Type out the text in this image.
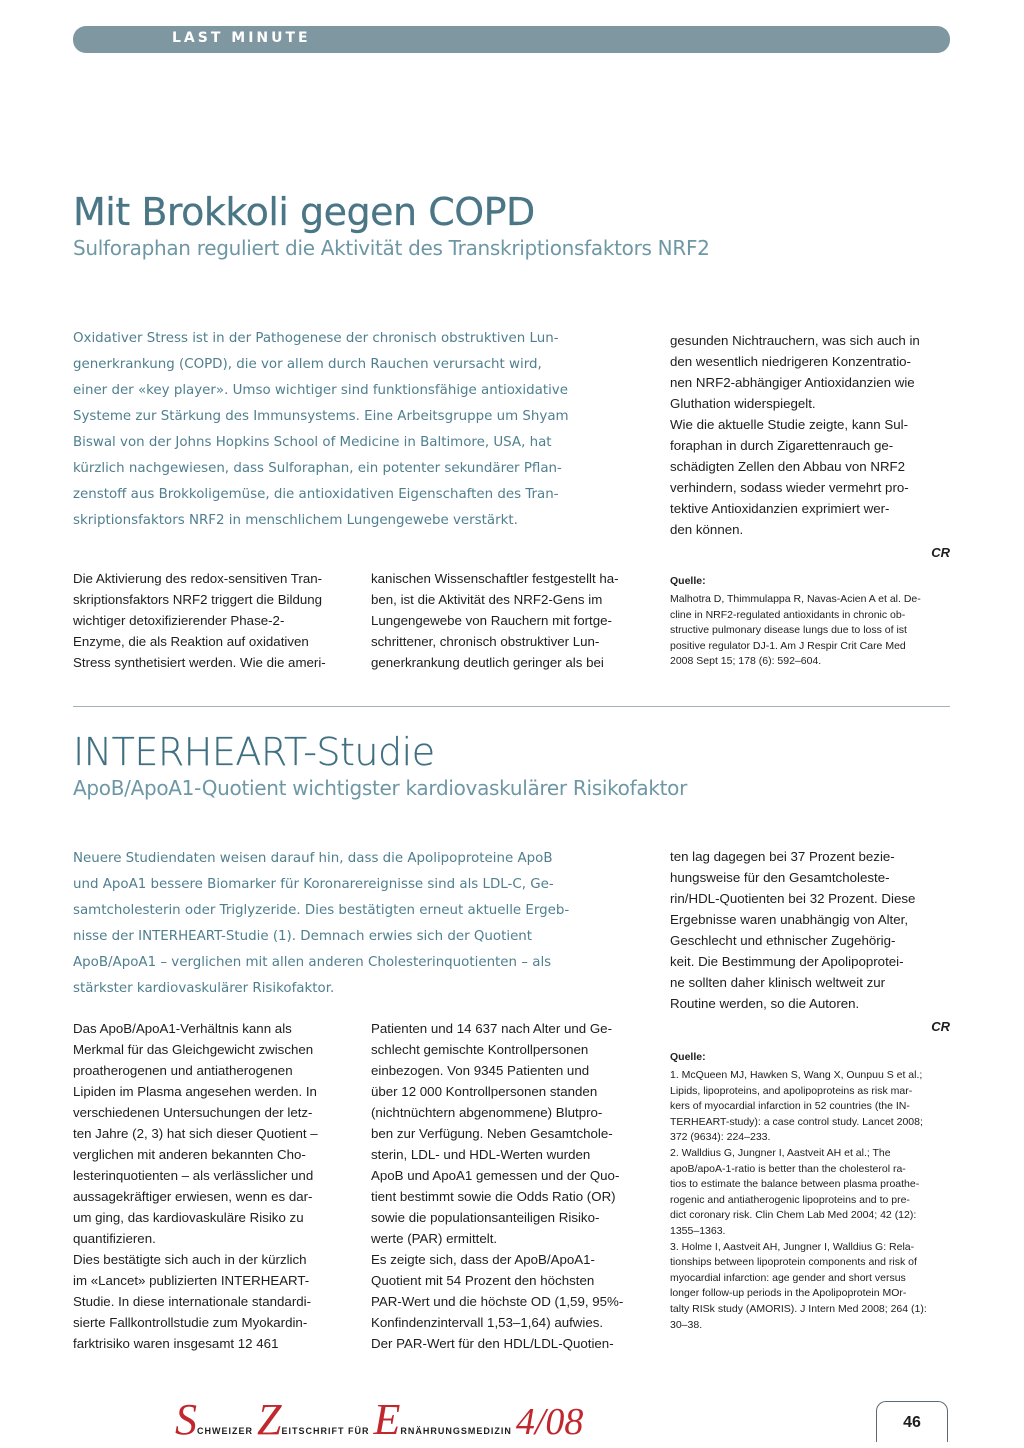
LAST MINUTE
Mit Brokkoli gegen COPD
Sulforaphan reguliert die Aktivität des Transkriptionsfaktors NRF2
Oxidativer Stress ist in der Pathogenese der chronisch obstruktiven Lun-
generkrankung (COPD), die vor allem durch Rauchen verursacht wird,
einer der «key player». Umso wichtiger sind funktionsfähige antioxidative
Systeme zur Stärkung des Immunsystems. Eine Arbeitsgruppe um Shyam
Biswal von der Johns Hopkins School of Medicine in Baltimore, USA, hat
kürzlich nachgewiesen, dass Sulforaphan, ein potenter sekundärer Pflan-
zenstoff aus Brokkoligemüse, die antioxidativen Eigenschaften des Tran-
skriptionsfaktors NRF2 in menschlichem Lungengewebe verstärkt.

Die Aktivierung des redox-sensitiven Tran-

skriptionsfaktors NRF2 triggert die Bildung

wichtiger detoxifizierender Phase-2-

Enzyme, die als Reaktion auf oxidativen

Stress synthetisiert werden. Wie die ameri-

kanischen Wissenschaftler festgestellt ha-

ben, ist die Aktivität des NRF2-Gens im

Lungengewebe von Rauchern mit fortge-

schrittener, chronisch obstruktiver Lun-

generkrankung deutlich geringer als bei

gesunden Nichtrauchern, was sich auch in

den wesentlich niedrigeren Konzentratio-

nen NRF2-abhängiger Antioxidanzien wie

Gluthation widerspiegelt.

Wie die aktuelle Studie zeigte, kann Sul-

foraphan in durch Zigarettenrauch ge-

schädigten Zellen den Abbau von NRF2

verhindern, sodass wieder vermehrt pro-

tektive Antioxidanzien exprimiert wer-

den können.

CR
Quelle:
Malhotra D, Thimmulappa R, Navas-Acien A et al. De-
cline in NRF2-regulated antioxidants in chronic ob-
structive pulmonary disease lungs due to loss of ist
positive regulator DJ-1. Am J Respir Crit Care Med
2008 Sept 15; 178 (6): 592–604.
INTERHEART-Studie
ApoB/ApoA1-Quotient wichtigster kardiovaskulärer Risikofaktor
Neuere Studiendaten weisen darauf hin, dass die Apolipoproteine ApoB
und ApoA1 bessere Biomarker für Koronarereignisse sind als LDL-C, Ge-
samtcholesterin oder Triglyzeride. Dies bestätigten erneut aktuelle Ergeb-
nisse der INTERHEART-Studie (1). Demnach erwies sich der Quotient
ApoB/ApoA1 – verglichen mit allen anderen Cholesterinquotienten – als
stärkster kardiovaskulärer Risikofaktor.

Das ApoB/ApoA1-Verhältnis kann als

Merkmal für das Gleichgewicht zwischen

proatherogenen und antiatherogenen

Lipiden im Plasma angesehen werden. In

verschiedenen Untersuchungen der letz-

ten Jahre (2, 3) hat sich dieser Quotient –

verglichen mit anderen bekannten Cho-

lesterinquotienten – als verlässlicher und

aussagekräftiger erwiesen, wenn es dar-

um ging, das kardiovaskuläre Risiko zu

quantifizieren.

Dies bestätigte sich auch in der kürzlich

im «Lancet» publizierten INTERHEART-

Studie. In diese internationale standardi-

sierte Fallkontrollstudie zum Myokardin-

farktrisiko waren insgesamt 12 461

Patienten und 14 637 nach Alter und Ge-

schlecht gemischte Kontrollpersonen

einbezogen. Von 9345 Patienten und

über 12 000 Kontrollpersonen standen

(nichtnüchtern abgenommene) Blutpro-

ben zur Verfügung. Neben Gesamtchole-

sterin, LDL- und HDL-Werten wurden

ApoB und ApoA1 gemessen und der Quo-

tient bestimmt sowie die Odds Ratio (OR)

sowie die populationsanteiligen Risiko-

werte (PAR) ermittelt.

Es zeigte sich, dass der ApoB/ApoA1-

Quotient mit 54 Prozent den höchsten

PAR-Wert und die höchste OD (1,59, 95%-

Konfindenzintervall 1,53–1,64) aufwies.

Der PAR-Wert für den HDL/LDL-Quotien-

ten lag dagegen bei 37 Prozent bezie-

hungsweise für den Gesamtcholeste-

rin/HDL-Quotienten bei 32 Prozent. Diese

Ergebnisse waren unabhängig von Alter,

Geschlecht und ethnischer Zugehörig-

keit. Die Bestimmung der Apolipoprotei-

ne sollten daher klinisch weltweit zur

Routine werden, so die Autoren.

CR
Quelle:
1. McQueen MJ, Hawken S, Wang X, Ounpuu S et al.;
Lipids, lipoproteins, and apolipoproteins as risk mar-
kers of myocardial infarction in 52 countries (the IN-
TERHEART-study): a case control study. Lancet 2008;
372 (9634): 224–233.
2. Walldius G, Jungner I, Aastveit AH et al.; The
apoB/apoA-1-ratio is better than the cholesterol ra-
tios to estimate the balance between plasma proathe-
rogenic and antiatherogenic lipoproteins and to pre-
dict coronary risk. Clin Chem Lab Med 2004; 42 (12):
1355–1363.
3. Holme I, Aastveit AH, Jungner I, Walldius G: Rela-
tionships between lipoprotein components and risk of
myocardial infarction: age gender and short versus
longer follow-up periods in the Apolipoprotein MOr-
talty RISk study (AMORIS). J Intern Med 2008; 264 (1):
30–38.
SCHWEIZER ZEITSCHRIFT FÜR ERNÄHRUNGSMEDIZIN 4/08	46
